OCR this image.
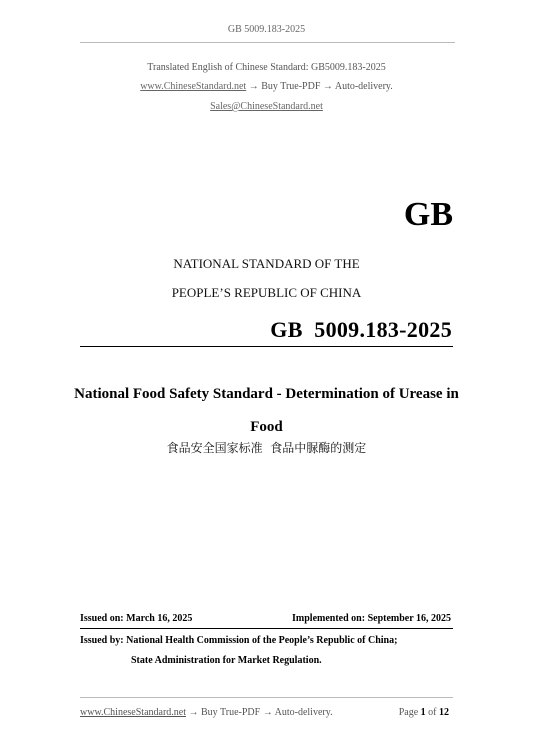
GB 5009.183-2025
Translated English of Chinese Standard: GB5009.183-2025
www.ChineseStandard.net → Buy True-PDF → Auto-delivery.
Sales@ChineseStandard.net
GB
NATIONAL STANDARD OF THE
PEOPLE’S REPUBLIC OF CHINA
GB  5009.183-2025
National Food Safety Standard - Determination of Urease in Food
食品安全国家标准  食品中脲酶的测定
Issued on: March 16, 2025	Implemented on: September 16, 2025
Issued by: National Health Commission of the People’s Republic of China;
State Administration for Market Regulation.
www.ChineseStandard.net → Buy True-PDF → Auto-delivery.	Page 1 of 12
